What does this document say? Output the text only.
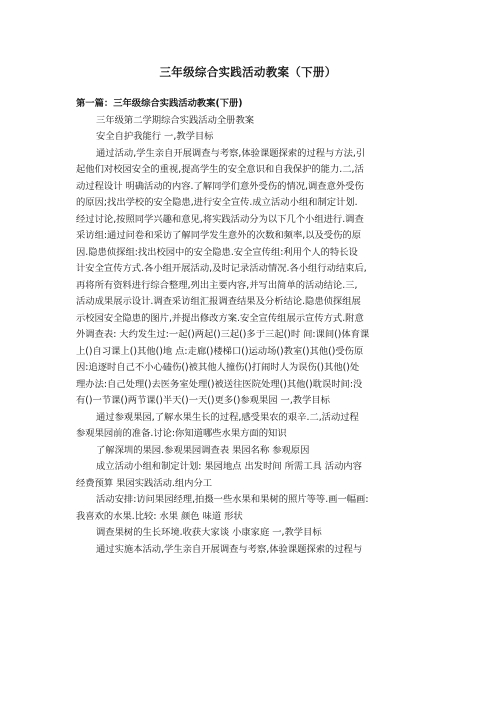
三年级综合实践活动教案（下册）
第一篇：三年级综合实践活动教案(下册)
三年级第二学期综合实践活动全册教案
安全自护我能行 一,教学目标
通过活动,学生亲自开展调查与考察,体验课题探索的过程与方法,引
起他们对校园安全的重视,提高学生的安全意识和自我保护的能力.二,活
动过程设计 明确活动的内容.了解同学们意外受伤的情况,调查意外受伤
的原因;找出学校的安全隐患,进行安全宣传.成立活动小组和制定计划.
经过讨论,按照同学兴趣和意见,将实践活动分为以下几个小组进行.调查
采访组:通过问卷和采访了解同学发生意外的次数和频率,以及受伤的原
因.隐患侦探组:找出校园中的安全隐患.安全宣传组:利用个人的特长设
计安全宣传方式.各小组开展活动,及时记录活动情况.各小组行动结束后,
再将所有资料进行综合整理,列出主要内容,并写出简单的活动结论.三,
活动成果展示设计.调查采访组汇报调查结果及分析结论.隐患侦探组展
示校园安全隐患的图片,并提出修改方案.安全宣传组展示宣传方式.附意
外调查表: 大约发生过:一起()两起()三起()多于三起()时 间:课间()体育课
上()自习课上()其他()地 点:走廊()楼梯口()运动场()教室()其他()受伤原
因:追逐时自己不小心磕伤()被其他人撞伤()打闹时人为误伤()其他()处
理办法:自己处理()去医务室处理()被送往医院处理()其他()耽误时间:没
有()一节课()两节课()半天()一天()更多()参观果园 一,教学目标
通过参观果园,了解水果生长的过程,感受果农的艰辛.二,活动过程
参观果园前的准备.讨论:你知道哪些水果方面的知识
了解深圳的果园.参观果园调查表 果园名称 参观原因
成立活动小组和制定计划: 果园地点 出发时间 所需工具 活动内容
经费预算 果园实践活动.组内分工
活动安排:访问果园经理,拍摄一些水果和果树的照片等等.画一幅画:
我喜欢的水果.比较: 水果 颜色 味道 形状
调查果树的生长环境.收获大家谈 小康家庭 一,教学目标
通过实施本活动,学生亲自开展调查与考察,体验课题探索的过程与
